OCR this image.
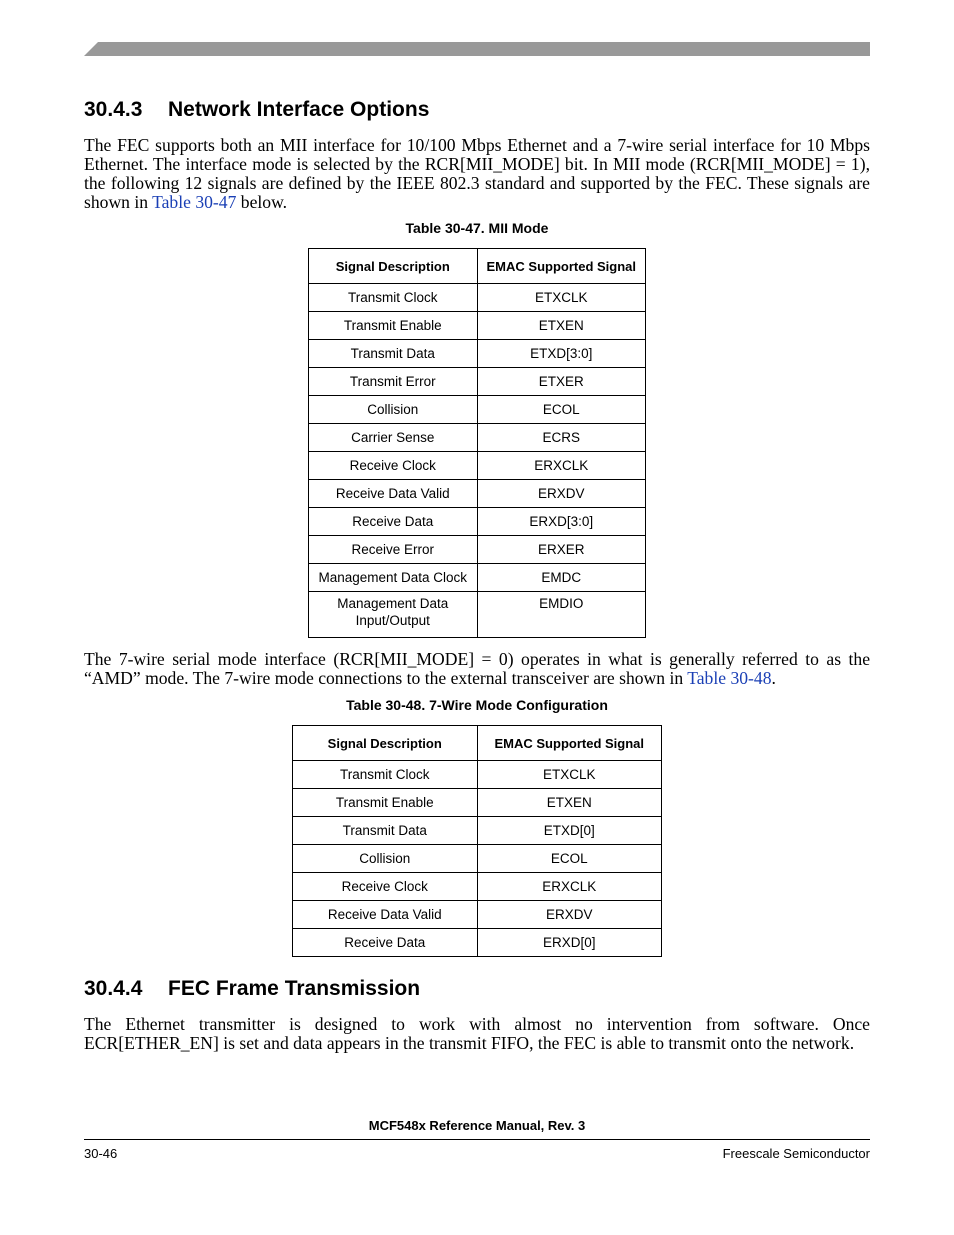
30.4.3 Network Interface Options

The FEC supports both an MII interface for 10/100 Mbps Ethernet and a 7-wire serial interface for 10 Mbps Ethernet. The interface mode is selected by the RCR[MII_MODE] bit. In MII mode (RCR[MII_MODE] = 1), the following 12 signals are defined by the IEEE 802.3 standard and supported by the FEC. These signals are shown in Table 30-47 below.

Table 30-47. MII Mode

Signal Description	EMAC Supported Signal
Transmit Clock	ETXCLK
Transmit Enable	ETXEN
Transmit Data	ETXD[3:0]
Transmit Error	ETXER
Collision	ECOL
Carrier Sense	ECRS
Receive Clock	ERXCLK
Receive Data Valid	ERXDV
Receive Data	ERXD[3:0]
Receive Error	ERXER
Management Data Clock	EMDC
Management Data
Input/Output	EMDIO

The 7-wire serial mode interface (RCR[MII_MODE] = 0) operates in what is generally referred to as the “AMD” mode. The 7-wire mode connections to the external transceiver are shown in Table 30-48.

Table 30-48. 7-Wire Mode Configuration

Signal Description	EMAC Supported Signal
Transmit Clock	ETXCLK
Transmit Enable	ETXEN
Transmit Data	ETXD[0]
Collision	ECOL
Receive Clock	ERXCLK
Receive Data Valid	ERXDV
Receive Data	ERXD[0]
30.4.4 FEC Frame Transmission

The Ethernet transmitter is designed to work with almost no intervention from software. Once ECR[ETHER_EN] is set and data appears in the transmit FIFO, the FEC is able to transmit onto the network.

MCF548x Reference Manual, Rev. 3

30-46	Freescale Semiconductor
